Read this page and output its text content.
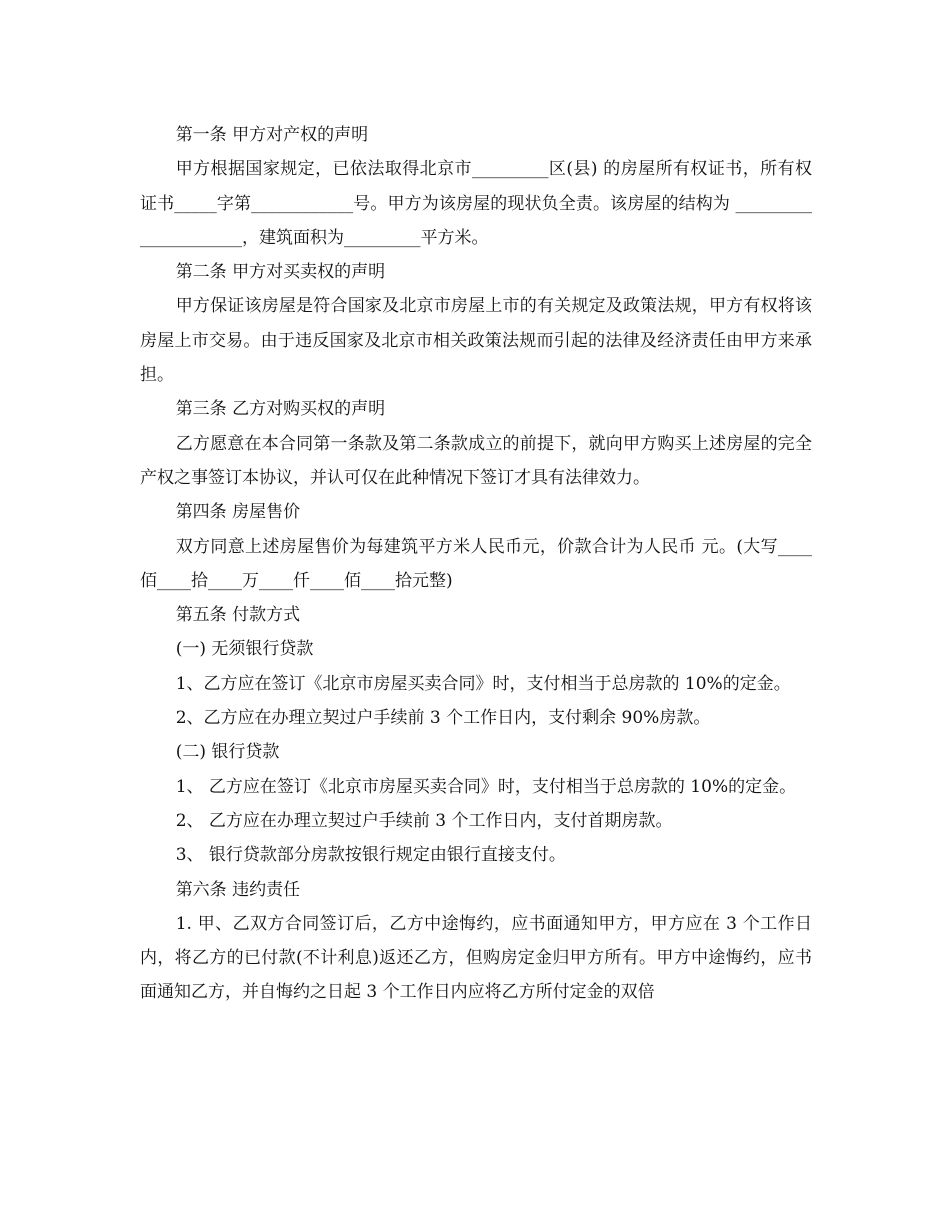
第一条 甲方对产权的声明

甲方根据国家规定，已依法取得北京市_________区(县) 的房屋所有权证书，所有权证书_____字第____________号。甲方为该房屋的现状负全责。该房屋的结构为 _____________________，建筑面积为_________平方米。

第二条 甲方对买卖权的声明

甲方保证该房屋是符合国家及北京市房屋上市的有关规定及政策法规，甲方有权将该房屋上市交易。由于违反国家及北京市相关政策法规而引起的法律及经济责任由甲方来承担。

第三条 乙方对购买权的声明

乙方愿意在本合同第一条款及第二条款成立的前提下，就向甲方购买上述房屋的完全产权之事签订本协议，并认可仅在此种情况下签订才具有法律效力。

第四条 房屋售价

双方同意上述房屋售价为每建筑平方米人民币元，价款合计为人民币 元。(大写____佰____拾____万____仟____佰____拾元整)

第五条 付款方式

(一) 无须银行贷款

1、乙方应在签订《北京市房屋买卖合同》时，支付相当于总房款的 10%的定金。

2、乙方应在办理立契过户手续前 3 个工作日内，支付剩余 90%房款。

(二) 银行贷款

1、 乙方应在签订《北京市房屋买卖合同》时，支付相当于总房款的 10%的定金。

2、 乙方应在办理立契过户手续前 3 个工作日内，支付首期房款。

3、 银行贷款部分房款按银行规定由银行直接支付。

第六条 违约责任

1. 甲、乙双方合同签订后，乙方中途悔约，应书面通知甲方，甲方应在 3 个工作日内，将乙方的已付款(不计利息)返还乙方，但购房定金归甲方所有。甲方中途悔约，应书面通知乙方，并自悔约之日起 3 个工作日内应将乙方所付定金的双倍
